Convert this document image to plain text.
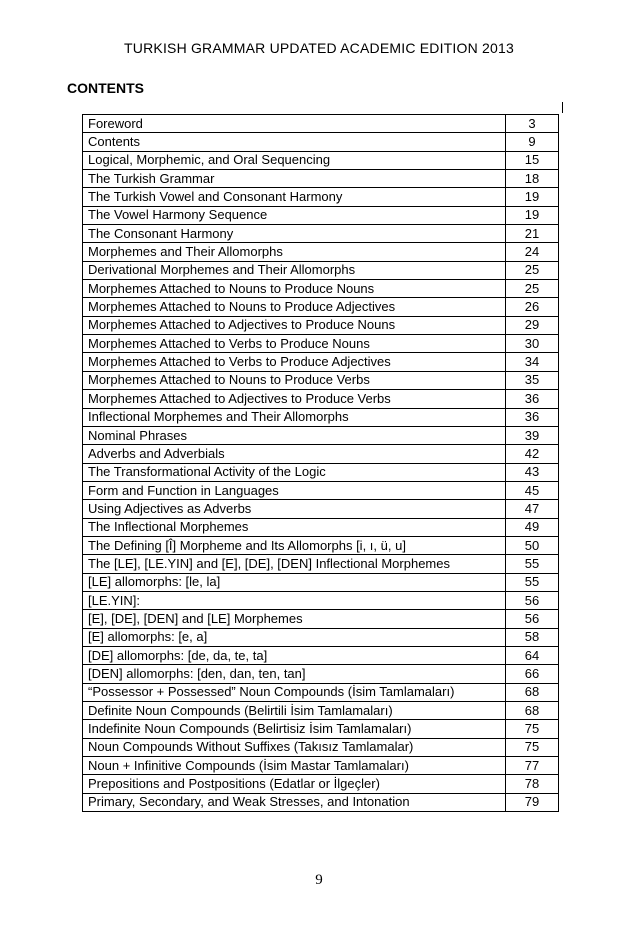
TURKISH GRAMMAR UPDATED ACADEMIC EDITION 2013
CONTENTS
Foreword	3
Contents	9
Logical, Morphemic, and Oral Sequencing	15
The Turkish Grammar	18
The Turkish Vowel and Consonant Harmony	19
The Vowel Harmony Sequence	19
The Consonant Harmony	21
Morphemes and Their Allomorphs	24
Derivational Morphemes and Their Allomorphs	25
Morphemes Attached to Nouns to Produce Nouns	25
Morphemes Attached to Nouns to Produce Adjectives	26
Morphemes Attached to Adjectives to Produce Nouns	29
Morphemes Attached to Verbs to Produce Nouns	30
Morphemes Attached to Verbs to Produce Adjectives	34
Morphemes Attached to Nouns to Produce Verbs	35
Morphemes Attached to Adjectives to Produce Verbs	36
Inflectional Morphemes and Their Allomorphs	36
Nominal Phrases	39
Adverbs and Adverbials	42
The Transformational Activity of the Logic	43
Form and Function in Languages	45
Using Adjectives as Adverbs	47
The Inflectional Morphemes	49
The Defining [Î] Morpheme and Its Allomorphs [i, ı, ü, u]	50
The [LE], [LE.YIN] and [E], [DE], [DEN] Inflectional Morphemes	55
[LE] allomorphs: [le, la]	55
[LE.YIN]:	56
[E], [DE], [DEN] and [LE] Morphemes	56
[E] allomorphs: [e, a]	58
[DE] allomorphs: [de, da, te, ta]	64
[DEN] allomorphs: [den, dan, ten, tan]	66
“Possessor + Possessed” Noun Compounds (İsim Tamlamaları)	68
Definite Noun Compounds (Belirtili İsim Tamlamaları)	68
Indefinite Noun Compounds (Belirtisiz İsim Tamlamaları)	75
Noun Compounds Without Suffixes (Takısız Tamlamalar)	75
Noun + Infinitive Compounds (İsim Mastar Tamlamaları)	77
Prepositions and Postpositions (Edatlar or İlgeçler)	78
Primary, Secondary, and Weak Stresses, and Intonation	79
9
